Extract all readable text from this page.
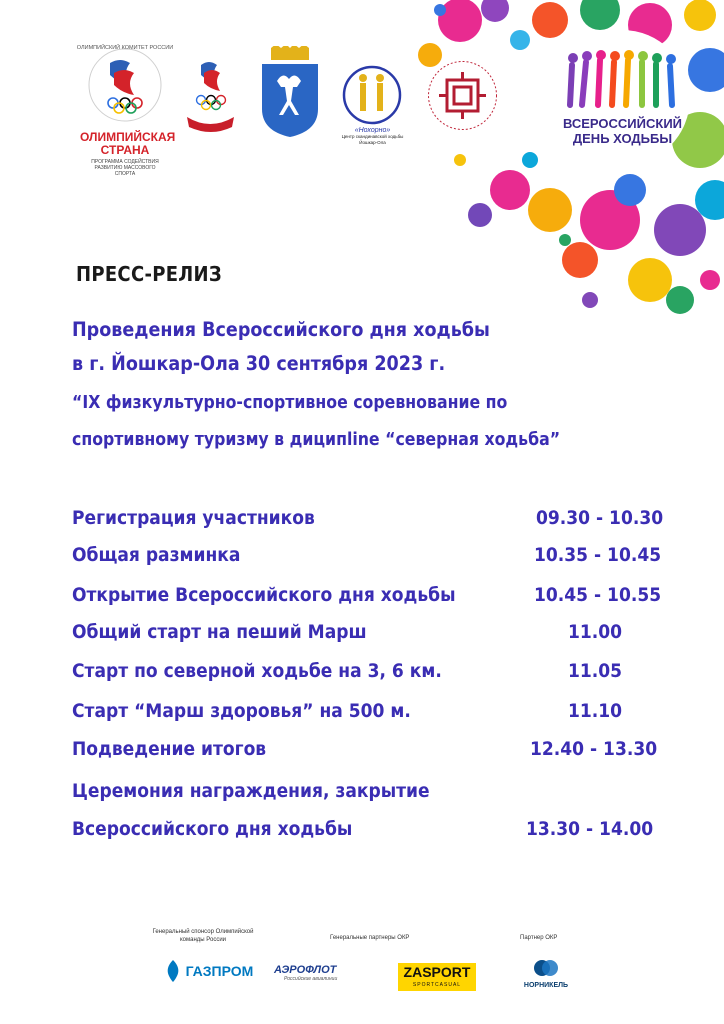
ВСЕРОССИЙСКИЙ
ДЕНЬ ХОДЬБЫ
ОЛИМПИЙСКИЙ КОМИТЕТ РОССИИ
ОЛИМПИЙСКАЯ СТРАНА
ПРОГРАММА СОДЕЙСТВИЯ РАЗВИТИЮ МАССОВОГО СПОРТА
«Нохорно»
Центр скандинавской ходьбы Йошкар-Ола
ПРЕСС-РЕЛИЗ
Проведения Всероссийского дня ходьбы
в г. Йошкар-Ола 30 сентября 2023 г.
“IX физкультурно-спортивное соревнование по
спортивному туризму в диципline “северная ходьба”
Регистрация участников	09.30 - 10.30
Общая разминка	10.35 - 10.45
Открытие Всероссийского дня ходьбы	10.45 - 10.55
Общий старт на пеший Марш	11.00
Старт по северной ходьбе на 3, 6 км.	11.05
Старт “Марш здоровья” на 500 м.	11.10
Подведение итогов	12.40 - 13.30
Церемония награждения, закрытие
Всероссийского дня ходьбы	13.30 - 14.00
Генеральный спонсор Олимпийской команды России	Генеральные партнеры ОКР	Партнер ОКР
ГАЗПРОМ АЭРОФЛОТ
Российские авиалинии	ZASPORT
SPORTCASUAL	НОРНИКЕЛЬ
